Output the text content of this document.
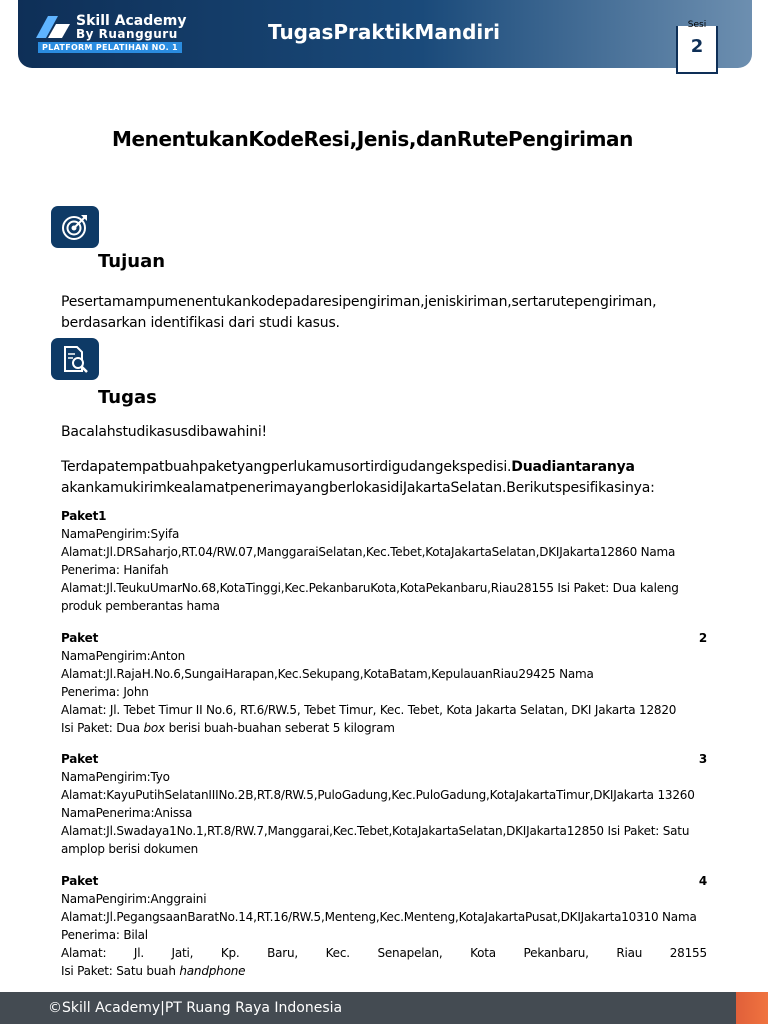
Skill Academy
By Ruangguru
PLATFORM PELATIHAN NO. 1
TugasPraktikMandiri	Sesi
2
MenentukanKodeResi,Jenis,danRutePengiriman
Tujuan
Pesertamampumenentukankodepadaresipengiriman,jeniskiriman,sertarutepengiriman,
berdasarkan identifikasi dari studi kasus.
Tugas
Bacalahstudikasusdibawahini!
Terdapatempatbuahpaketyangperlukamusortirdigudangekspedisi.Duadiantaranya
akankamukirimkealamatpenerimayangberlokasidiJakartaSelatan.Berikutspesifikasinya:
Paket1
NamaPengirim:Syifa
Alamat:Jl.DRSaharjo,RT.04/RW.07,ManggaraiSelatan,Kec.Tebet,KotaJakartaSelatan,DKIJakarta12860 Nama
Penerima: Hanifah
Alamat:Jl.TeukuUmarNo.68,KotaTinggi,Kec.PekanbaruKota,KotaPekanbaru,Riau28155 Isi Paket: Dua kaleng
produk pemberantas hama
Paket	2
NamaPengirim:Anton
Alamat:Jl.RajaH.No.6,SungaiHarapan,Kec.Sekupang,KotaBatam,KepulauanRiau29425 Nama
Penerima: John
Alamat: Jl. Tebet Timur II No.6, RT.6/RW.5, Tebet Timur, Kec. Tebet, Kota Jakarta Selatan, DKI Jakarta 12820
Isi Paket: Dua box berisi buah-buahan seberat 5 kilogram
Paket	3
NamaPengirim:Tyo
Alamat:KayuPutihSelatanIIINo.2B,RT.8/RW.5,PuloGadung,Kec.PuloGadung,KotaJakartaTimur,DKIJakarta 13260
NamaPenerima:Anissa
Alamat:Jl.Swadaya1No.1,RT.8/RW.7,Manggarai,Kec.Tebet,KotaJakartaSelatan,DKIJakarta12850 Isi Paket: Satu
amplop berisi dokumen
Paket	4
NamaPengirim:Anggraini
Alamat:Jl.PegangsaanBaratNo.14,RT.16/RW.5,Menteng,Kec.Menteng,KotaJakartaPusat,DKIJakarta10310 Nama
Penerima: Bilal
Alamat: Jl. Jati, Kp. Baru, Kec. Senapelan, Kota Pekanbaru, Riau 28155
Isi Paket: Satu buah handphone
©Skill Academy|PT Ruang Raya Indonesia
